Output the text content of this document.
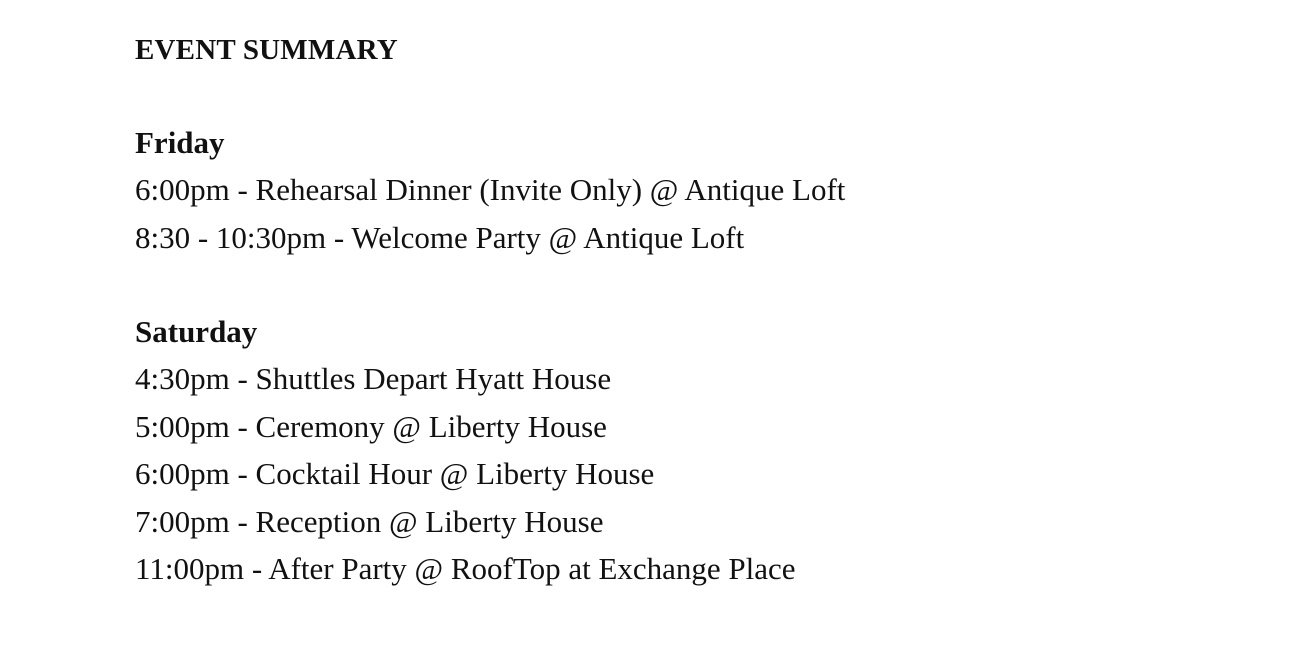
EVENT SUMMARY
Friday
6:00pm - Rehearsal Dinner (Invite Only) @ Antique Loft
8:30 - 10:30pm - Welcome Party @ Antique Loft
Saturday
4:30pm - Shuttles Depart Hyatt House
5:00pm - Ceremony @ Liberty House
6:00pm - Cocktail Hour @ Liberty House
7:00pm - Reception @ Liberty House
11:00pm - After Party @ RoofTop at Exchange Place
